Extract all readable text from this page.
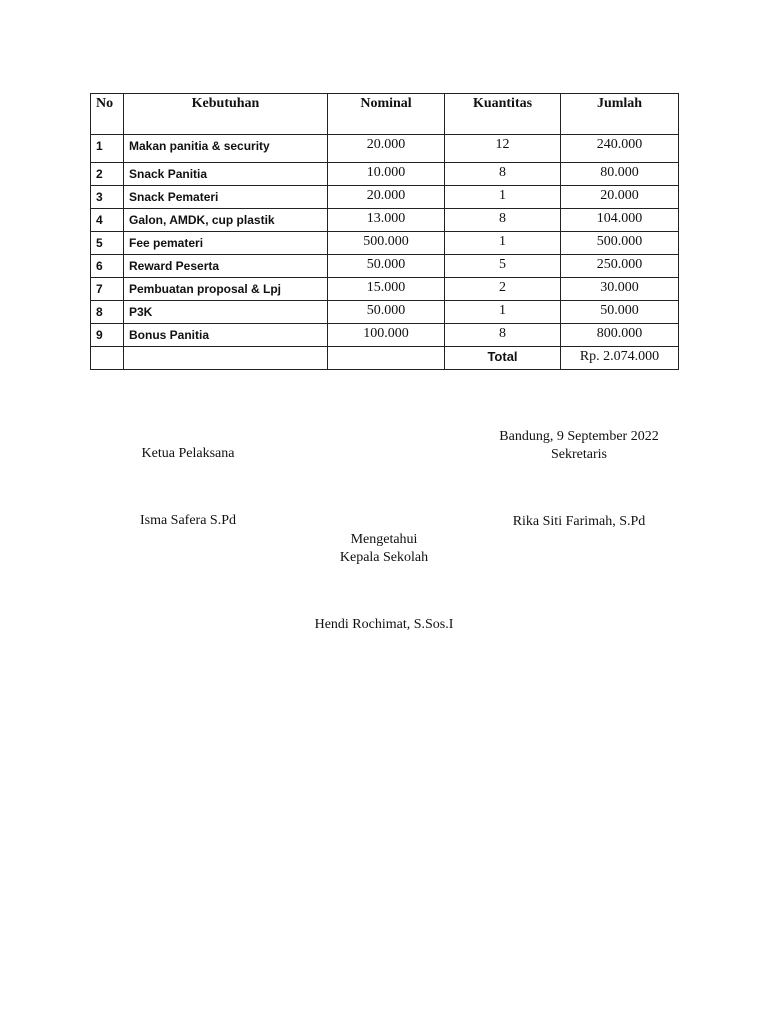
No	Kebutuhan	Nominal	Kuantitas	Jumlah
1	Makan panitia & security	20.000	12	240.000
2	Snack Panitia	10.000	8	80.000
3	Snack Pemateri	20.000	1	20.000
4	Galon, AMDK, cup plastik	13.000	8	104.000
5	Fee pemateri	500.000	1	500.000
6	Reward Peserta	50.000	5	250.000
7	Pembuatan proposal & Lpj	15.000	2	30.000
8	P3K	50.000	1	50.000
9	Bonus Panitia	100.000	8	800.000
			Total	Rp. 2.074.000
Bandung, 9 September 2022
Ketua Pelaksana	Sekretaris
Isma Safera S.Pd	Rika Siti Farimah, S.Pd
Mengetahui
Kepala Sekolah
Hendi Rochimat, S.Sos.I
